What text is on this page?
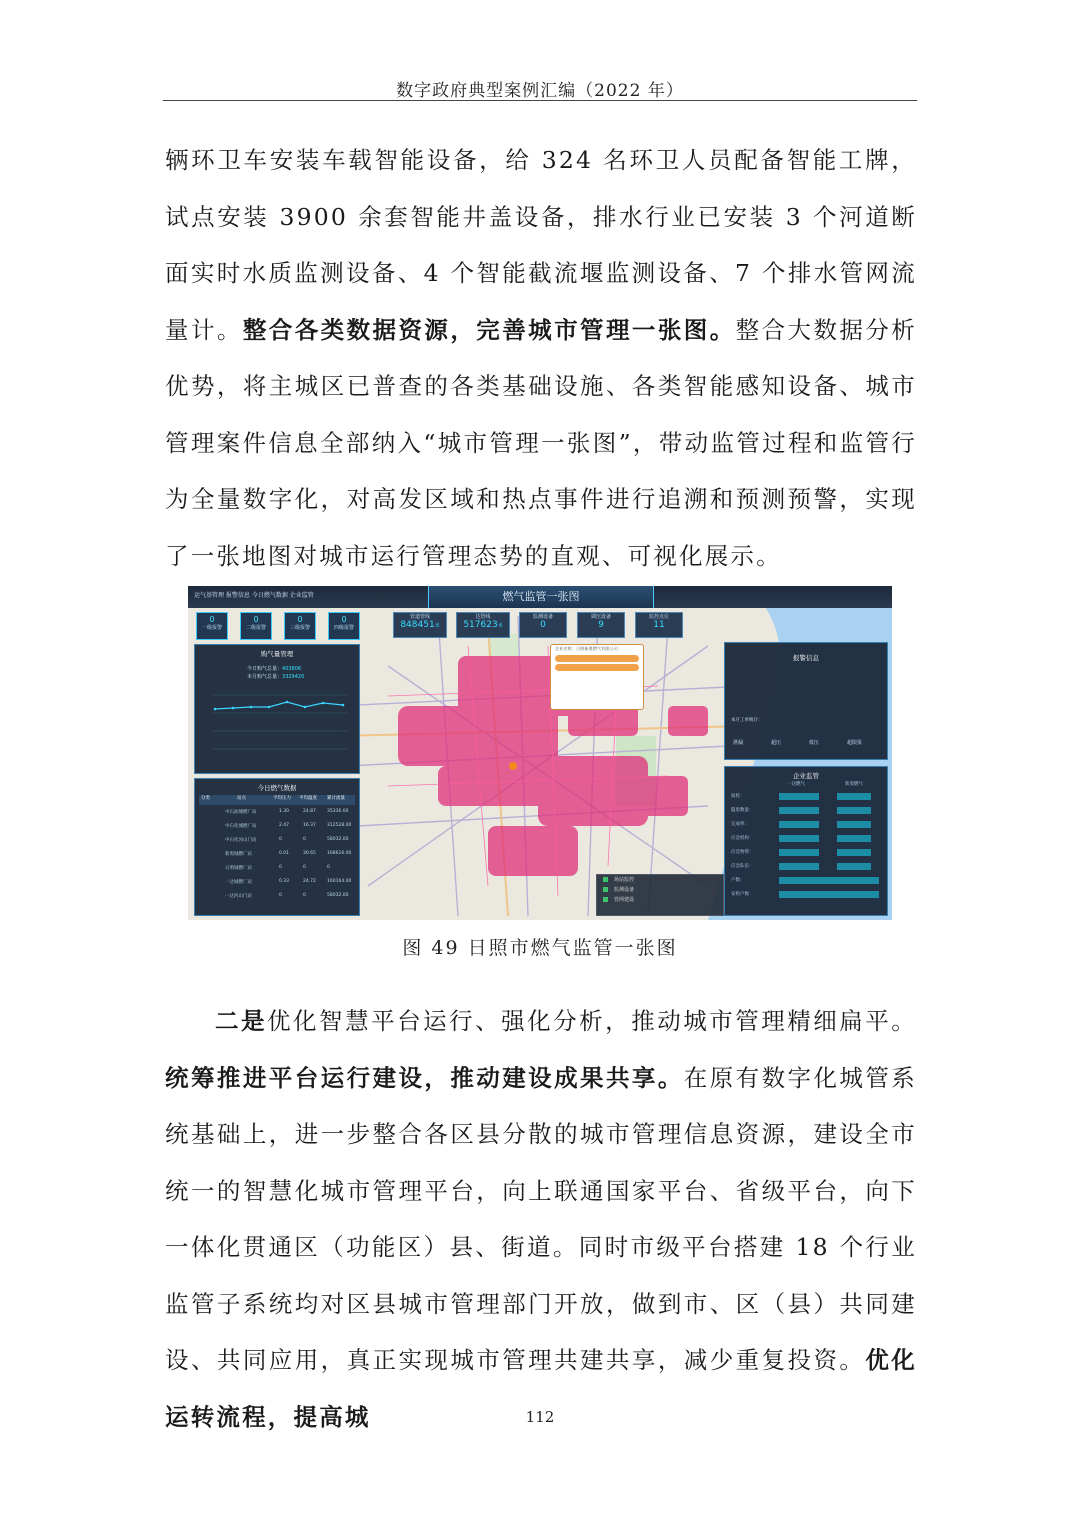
数字政府典型案例汇编（2022 年）

辆环卫车安装车载智能设备，给 324 名环卫人员配备智能工牌，试点安装 3900 余套智能井盖设备，排水行业已安装 3 个河道断面实时水质监测设备、4 个智能截流堰监测设备、7 个排水管网流量计。整合各类数据资源，完善城市管理一张图。整合大数据分析优势，将主城区已普查的各类基础设施、各类智能感知设备、城市管理案件信息全部纳入“城市管理一张图”，带动监管过程和监管行为全量数字化，对高发区域和热点事件进行追溯和预测预警，实现了一张地图对城市运行管理态势的直观、可视化展示。

运气基管理 报警信息 今日燃气数据 企业监管	燃气监管一张图
0
一级报警
0
二级报警
0
三级报警
0
四级报警
管道管线
848451米
达管线
517623米
监测设备
0
调压设备
9
监控点位
11
购气量管理
今日购气总量：403806
本月购气总量：3329420
今日燃气数据
分类	站点	平均压力 平均温度 累计流量
中石油城燃厂站	1.30	24.87 35336.00
中石化城燃厂站	2.47	16.37 312528.00
中石化河山门站	0	0	58032.00
新奥城燃厂站	0.01	30.65 168616.00
日照城燃厂站	0	0	0
一达城燃厂站	0.33	24.72 160164.00
一达河山门站	0	0	58032.00
企业名称：日照新奥燃气有限公司
报警信息
本月工单统计：
泄漏	超压	低压	超限报
企业监管
一达燃气	新奥燃气
质检：
隐患数量：
完成率：
应急机构：
应急物资：
应急队伍：
户数：
安检户数：
场站监控
监测设备
管网建设
图 49 日照市燃气监管一张图

二是优化智慧平台运行、强化分析，推动城市管理精细扁平。统筹推进平台运行建设，推动建设成果共享。在原有数字化城管系统基础上，进一步整合各区县分散的城市管理信息资源，建设全市统一的智慧化城市管理平台，向上联通国家平台、省级平台，向下一体化贯通区（功能区）县、街道。同时市级平台搭建 18 个行业监管子系统均对区县城市管理部门开放，做到市、区（县）共同建设、共同应用，真正实现城市管理共建共享，减少重复投资。优化运转流程，提高城	112
